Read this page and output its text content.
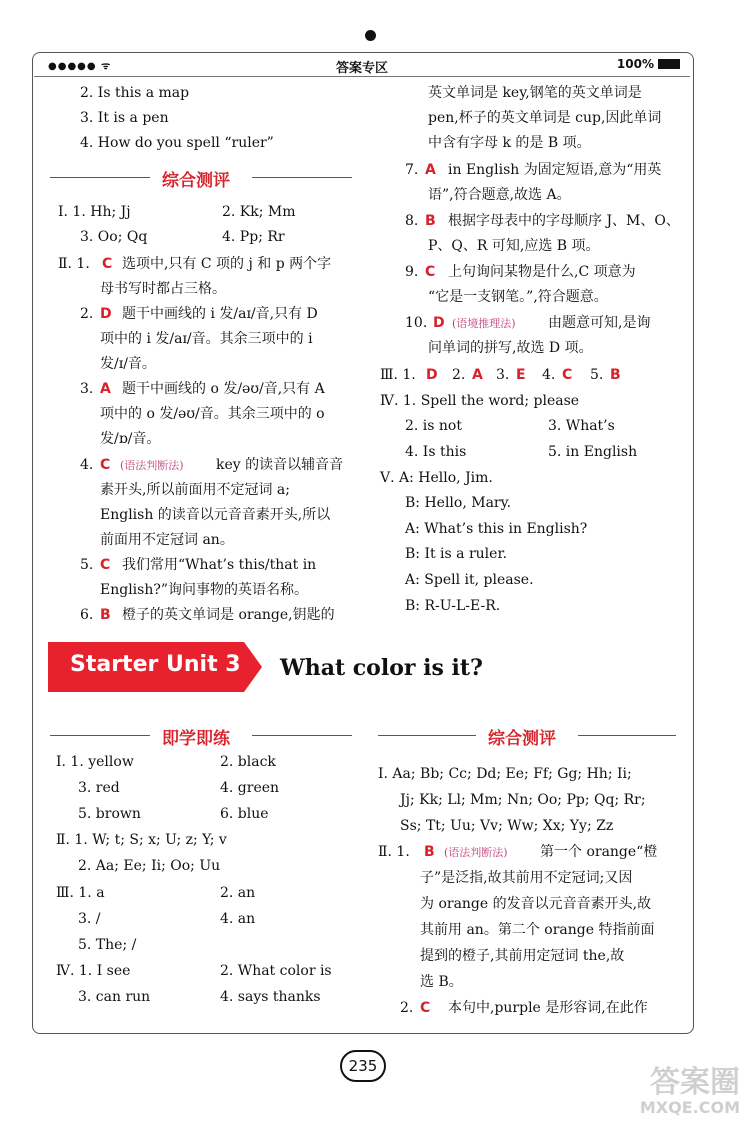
●●●●● ᯤ	答案专区	100%
2. Is this a map
3. It is a pen
4. How do you spell “ruler”
综合测评
Ⅰ. 1. Hh; Jj	2. Kk; Mm
3. Oo; Qq	4. Pp; Rr
Ⅱ. 1. C 选项中,只有 C 项的 j 和 p 两个字
母书写时都占三格。
2. D 题干中画线的 i 发/aɪ/音,只有 D
项中的 i 发/aɪ/音。其余三项中的 i
发/ɪ/音。
3. A 题干中画线的 o 发/əʊ/音,只有 A
项中的 o 发/əʊ/音。其余三项中的 o
发/ɒ/音。
4. C (语法判断法) key 的读音以辅音音
素开头,所以前面用不定冠词 a;
English 的读音以元音音素开头,所以
前面用不定冠词 an。
5. C 我们常用“What’s this/that in
English?”询问事物的英语名称。
6. B 橙子的英文单词是 orange,钥匙的
英文单词是 key,钢笔的英文单词是
pen,杯子的英文单词是 cup,因此单词
中含有字母 k 的是 B 项。
7. A in English 为固定短语,意为“用英
语”,符合题意,故选 A。
8. B 根据字母表中的字母顺序 J、M、O、
P、Q、R 可知,应选 B 项。
9. C 上句询问某物是什么,C 项意为
“它是一支钢笔。”,符合题意。
10. D (语境推理法) 由题意可知,是询
问单词的拼写,故选 D 项。
Ⅲ. 1. D 2. A 3. E 4. C 5. B
Ⅳ. 1. Spell the word; please
2. is not	3. What’s
4. Is this	5. in English
Ⅴ. A: Hello, Jim.
B: Hello, Mary.
A: What’s this in English?
B: It is a ruler.
A: Spell it, please.
B: R-U-L-E-R.
Starter Unit 3 What color is it?
即学即练
Ⅰ. 1. yellow	2. black
3. red	4. green
5. brown	6. blue
Ⅱ. 1. W; t; S; x; U; z; Y; v
2. Aa; Ee; Ii; Oo; Uu
Ⅲ. 1. a	2. an
3. /	4. an
5. The; /
Ⅳ. 1. I see	2. What color is
3. can run	4. says thanks
综合测评
Ⅰ. Aa; Bb; Cc; Dd; Ee; Ff; Gg; Hh; Ii;
Jj; Kk; Ll; Mm; Nn; Oo; Pp; Qq; Rr;
Ss; Tt; Uu; Vv; Ww; Xx; Yy; Zz
Ⅱ. 1. B (语法判断法) 第一个 orange“橙
子”是泛指,故其前用不定冠词;又因
为 orange 的发音以元音音素开头,故
其前用 an。第二个 orange 特指前面
提到的橙子,其前用定冠词 the,故
选 B。
2. C 本句中,purple 是形容词,在此作
235	答案圈
MXQE.COM
